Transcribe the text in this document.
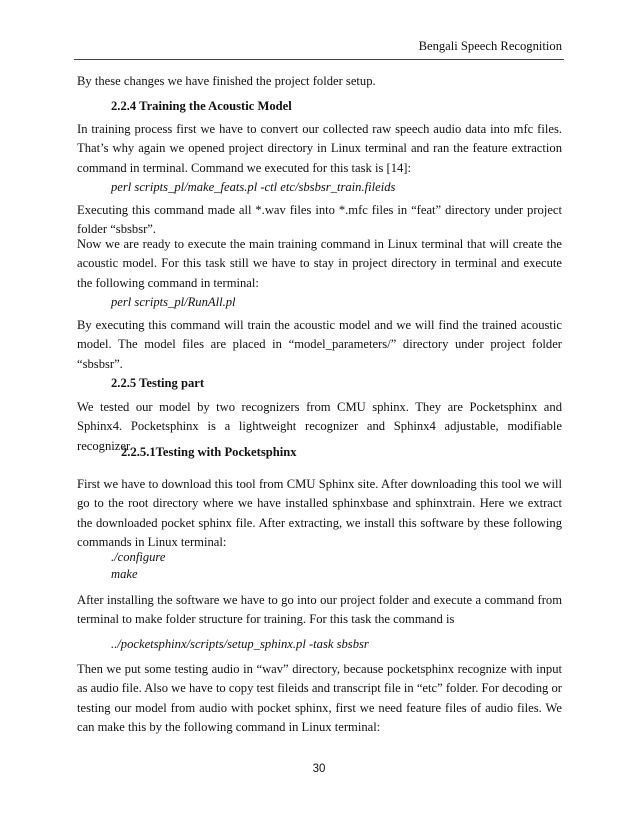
Bengali Speech Recognition
By these changes we have finished the project folder setup.
2.2.4 Training the Acoustic Model
In training process first we have to convert our collected raw speech audio data into mfc files. That’s why again we opened project directory in Linux terminal and ran the feature extraction command in terminal. Command we executed for this task is [14]:
perl scripts_pl/make_feats.pl -ctl etc/sbsbsr_train.fileids
Executing this command made all *.wav files into *.mfc files in “feat” directory under project folder “sbsbsr”.
Now we are ready to execute the main training command in Linux terminal that will create the acoustic model. For this task still we have to stay in project directory in terminal and execute the following command in terminal:
perl scripts_pl/RunAll.pl
By executing this command will train the acoustic model and we will find the trained acoustic model. The model files are placed in “model_parameters/” directory under project folder “sbsbsr”.
2.2.5 Testing part
We tested our model by two recognizers from CMU sphinx. They are Pocketsphinx and Sphinx4. Pocketsphinx is a lightweight recognizer and Sphinx4 adjustable, modifiable recognizer.
2.2.5.1Testing with Pocketsphinx
First we have to download this tool from CMU Sphinx site. After downloading this tool we will go to the root directory where we have installed sphinxbase and sphinxtrain. Here we extract the downloaded pocket sphinx file. After extracting, we install this software by these following commands in Linux terminal:
./configure
make
After installing the software we have to go into our project folder and execute a command from terminal to make folder structure for training. For this task the command is
../pocketsphinx/scripts/setup_sphinx.pl -task sbsbsr
Then we put some testing audio in “wav” directory, because pocketsphinx recognize with input as audio file. Also we have to copy test fileids and transcript file in “etc” folder. For decoding or testing our model from audio with pocket sphinx, first we need feature files of audio files. We can make this by the following command in Linux terminal:
30
